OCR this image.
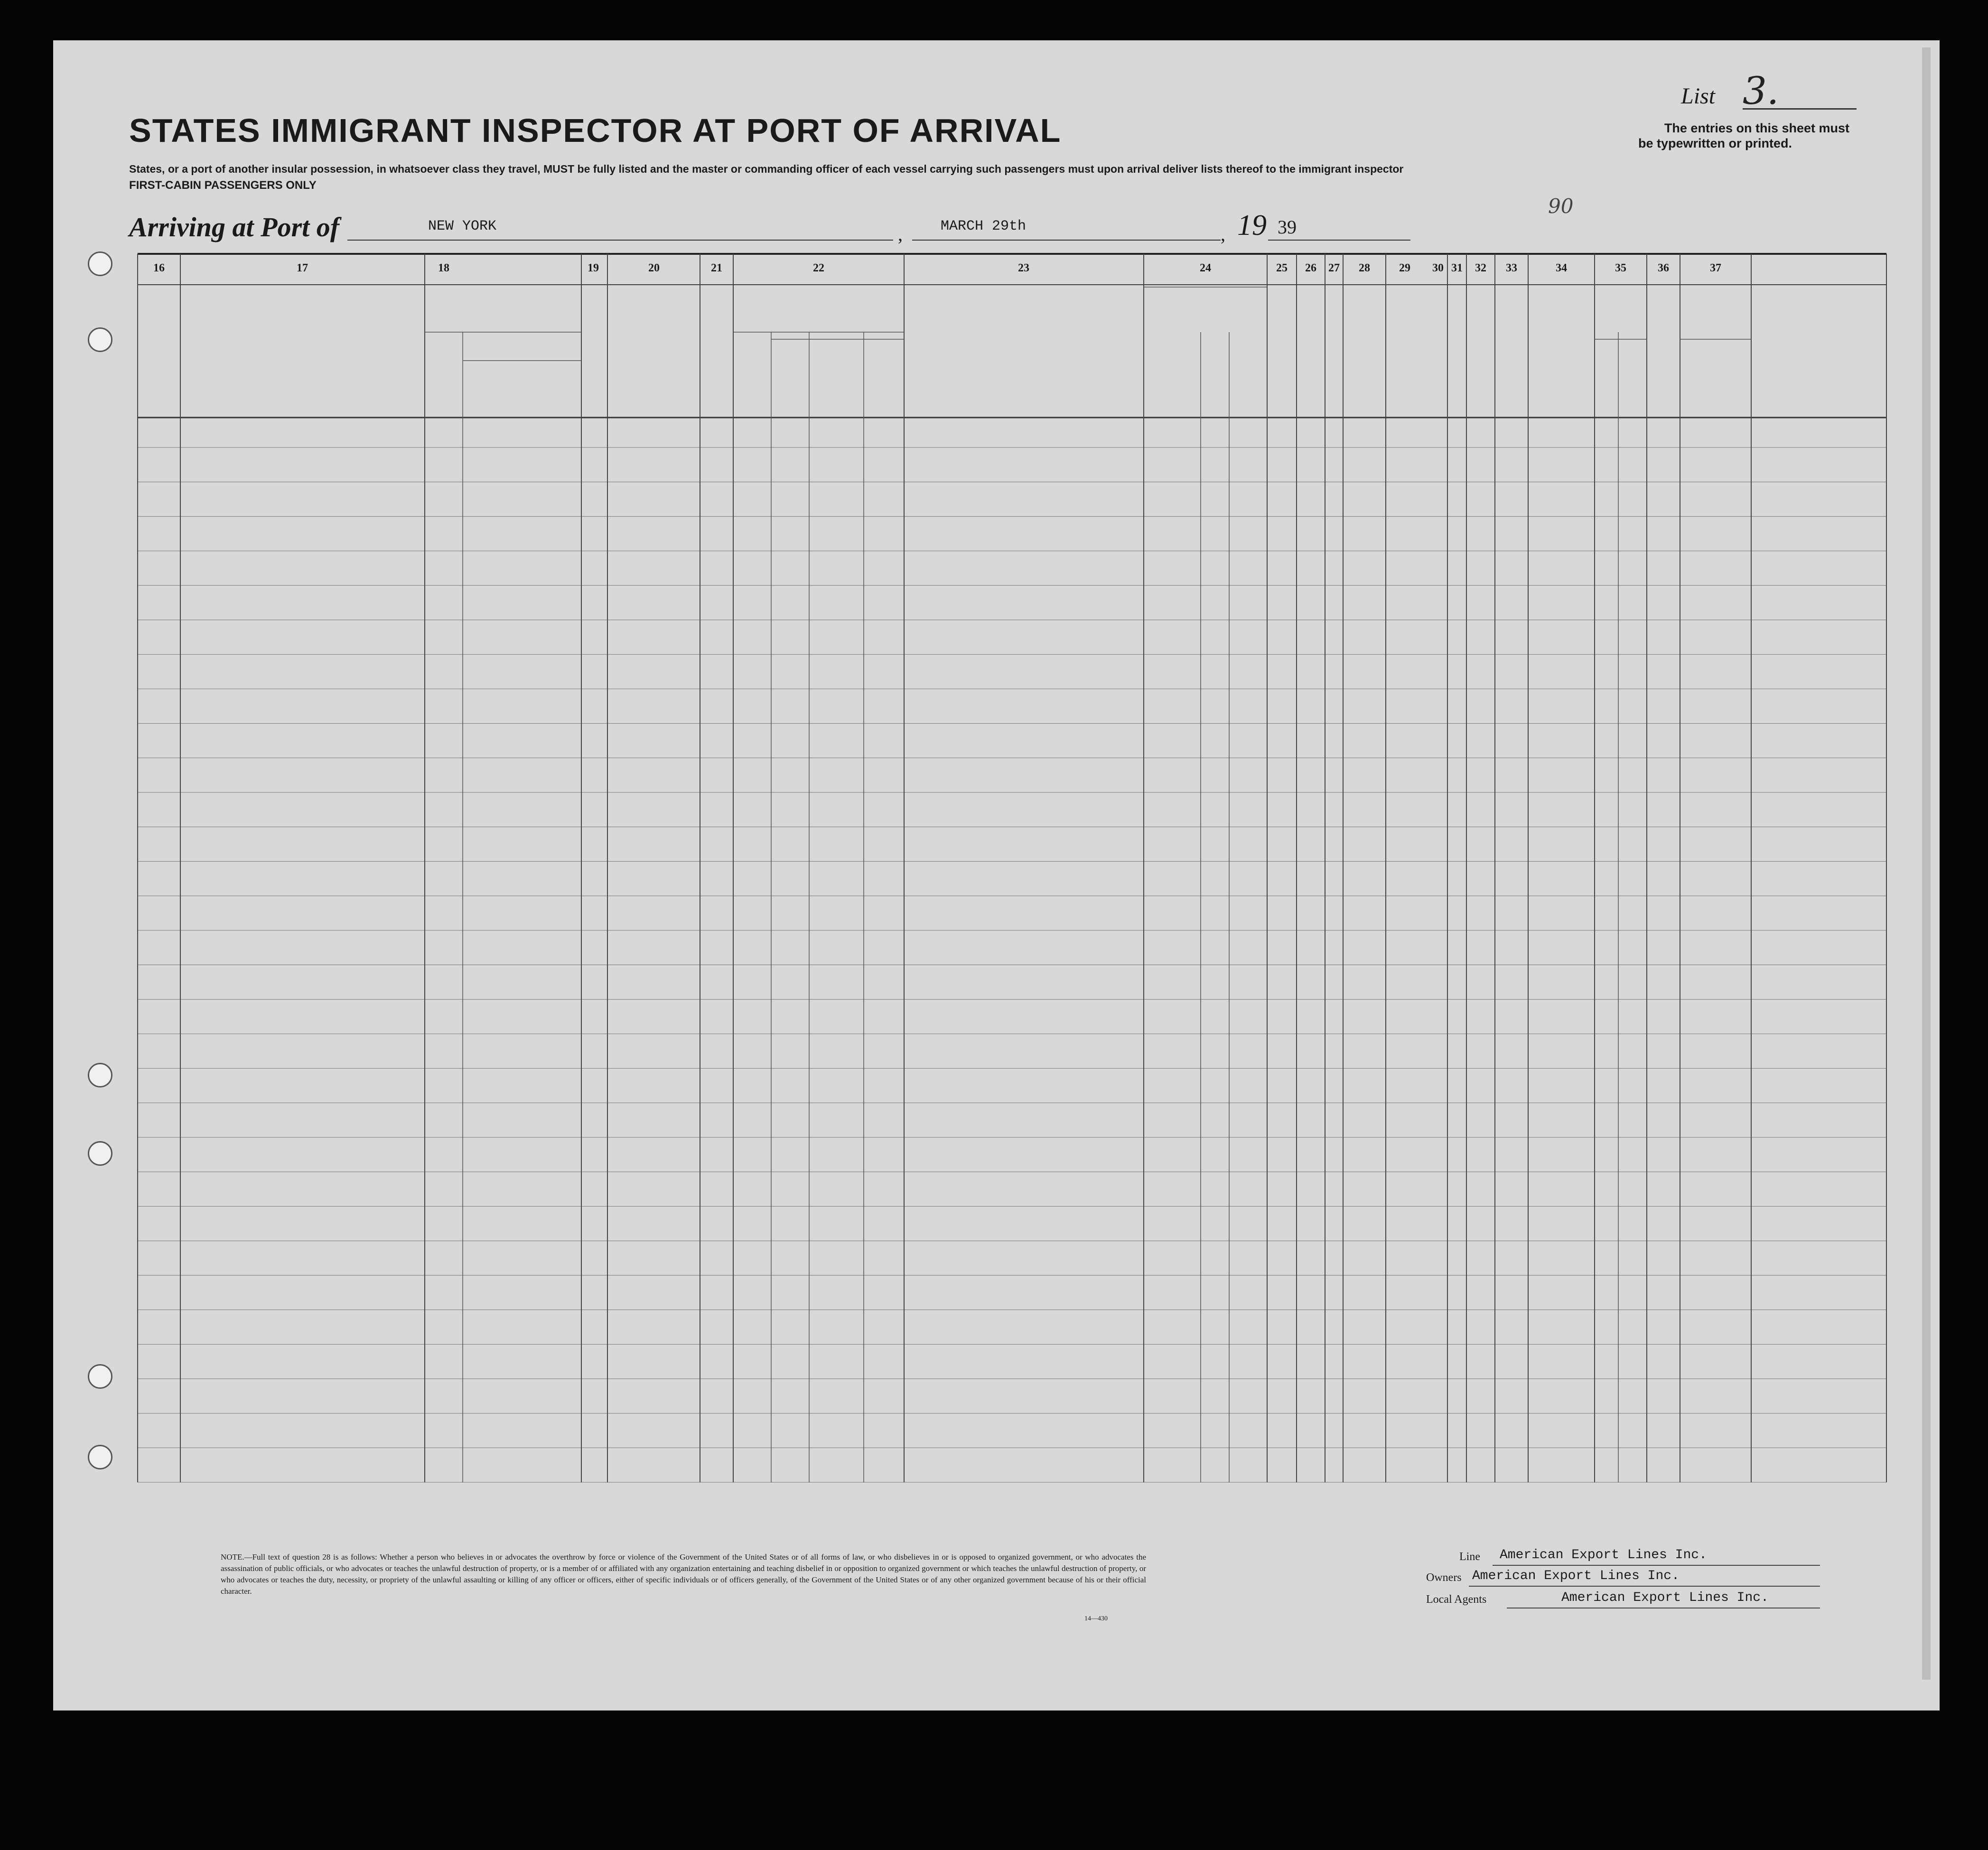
STATES IMMIGRANT INSPECTOR AT PORT OF ARRIVAL
States, or a port of another insular possession, in whatsoever class they travel, MUST be fully listed and the master or commanding officer of each vessel carrying such passengers must upon arrival deliver lists thereof to the immigrant inspector
FIRST-CABIN PASSENGERS ONLY
List 3.
The entries on this sheet must
be typewritten or printed.
90
Arriving at Port of	NEW YORK	,	MARCH 29th	, 19 39
16	17	18	19	20	21	22	23	24	25	26	27	28	29	30 31	32	33	34	35	36	37
NOTE.—Full text of question 28 is as follows: Whether a person who believes in or advocates the overthrow by force or violence of the Government of the United States or of all forms of law, or who disbelieves in or is opposed to organized government, or who advocates the assassination of public officials, or who advocates or teaches the unlawful destruction of property, or is a member of or affiliated with any organization entertaining and teaching disbelief in or opposition to organized government or which teaches the unlawful destruction of property, or who advocates or teaches the duty, necessity, or propriety of the unlawful assaulting or killing of any officer or officers, either of specific individuals or of officers generally, of the Government of the United States or of any other organized government because of his or their official character.
14—430
Line American Export Lines Inc.
Owners American Export Lines Inc.
Local Agents	American Export Lines Inc.
